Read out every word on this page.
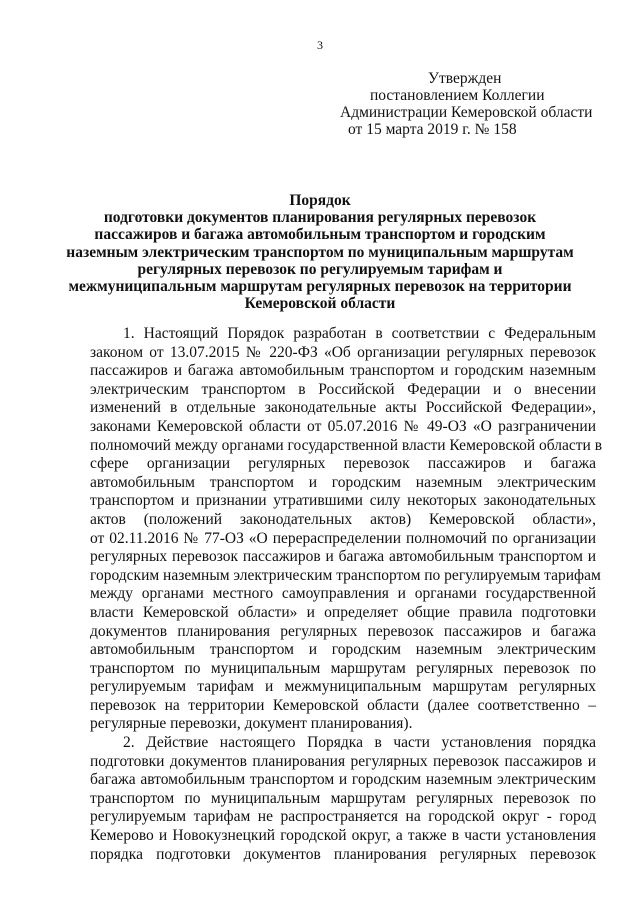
3
Утвержден
постановлением Коллегии
Администрации Кемеровской области
от 15 марта 2019 г. № 158
Порядок
подготовки документов планирования регулярных перевозок
пассажиров и багажа автомобильным транспортом и городским
наземным электрическим транспортом по муниципальным маршрутам
регулярных перевозок по регулируемым тарифам и
межмуниципальным маршрутам регулярных перевозок на территории
Кемеровской области
1. Настоящий Порядок разработан в соответствии с Федеральным
законом от 13.07.2015 № 220-ФЗ «Об организации регулярных перевозок
пассажиров и багажа автомобильным транспортом и городским наземным
электрическим транспортом в Российской Федерации и о внесении
изменений в отдельные законодательные акты Российской Федерации»,
законами Кемеровской области от 05.07.2016 № 49-ОЗ «О разграничении
полномочий между органами государственной власти Кемеровской области в
сфере организации регулярных перевозок пассажиров и багажа
автомобильным транспортом и городским наземным электрическим
транспортом и признании утратившими силу некоторых законодательных
актов (положений законодательных актов) Кемеровской области»,
от 02.11.2016 № 77-ОЗ «О перераспределении полномочий по организации
регулярных перевозок пассажиров и багажа автомобильным транспортом и
городским наземным электрическим транспортом по регулируемым тарифам
между органами местного самоуправления и органами государственной
власти Кемеровской области» и определяет общие правила подготовки
документов планирования регулярных перевозок пассажиров и багажа
автомобильным транспортом и городским наземным электрическим
транспортом по муниципальным маршрутам регулярных перевозок по
регулируемым тарифам и межмуниципальным маршрутам регулярных
перевозок на территории Кемеровской области (далее соответственно –
регулярные перевозки, документ планирования).
2. Действие настоящего Порядка в части установления порядка
подготовки документов планирования регулярных перевозок пассажиров и
багажа автомобильным транспортом и городским наземным электрическим
транспортом по муниципальным маршрутам регулярных перевозок по
регулируемым тарифам не распространяется на городской округ - город
Кемерово и Новокузнецкий городской округ, а также в части установления
порядка подготовки документов планирования регулярных перевозок
